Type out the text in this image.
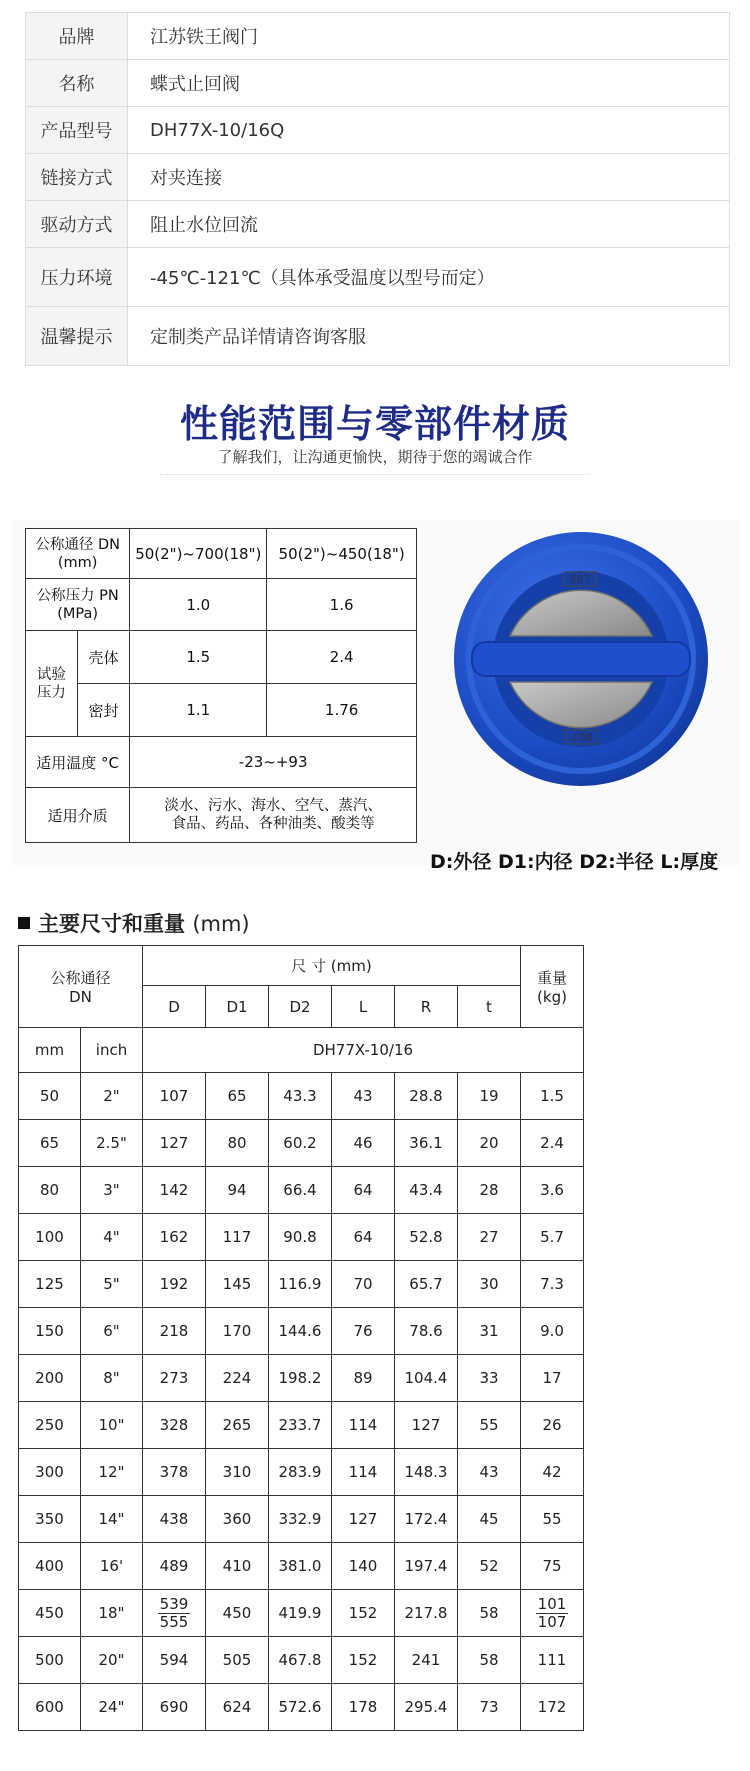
品牌	江苏铁王阀门
名称	蝶式止回阀
产品型号	DH77X-10/16Q
链接方式	对夹连接
驱动方式	阻止水位回流
压力环境	-45℃-121℃（具体承受温度以型号而定）
温馨提示	定制类产品详情请咨询客服
性能范围与零部件材质
了解我们，让沟通更愉快，期待于您的竭诚合作
公称通径 DN
(mm)		50(2")~700(18")	50(2")~450(18")
公称压力 PN
(MPa)		1.0	1.6
试验
压力	壳体	1.5	2.4
	密封	1.1	1.76
适用温度 °C		-23~+93	
适用介质		淡水、污水、海水、空气、蒸汽、
食品、药品、各种油类、酸类等	
807
807
D:外径 D1:内径 D2:半径 L:厚度
主要尺寸和重量 (mm)
公称通径
DN		尺 寸 (mm)						重量
(kg)
		D	D1	D2	L	R	t	
mm	inch	DH77X-10/16						
50	2"	107	65	43.3	43	28.8	19	1.5
65	2.5"	127	80	60.2	46	36.1	20	2.4
80	3"	142	94	66.4	64	43.4	28	3.6
100	4"	162	117	90.8	64	52.8	27	5.7
125	5"	192	145	116.9	70	65.7	30	7.3
150	6"	218	170	144.6	76	78.6	31	9.0
200	8"	273	224	198.2	89	104.4	33	17
250	10"	328	265	233.7	114	127	55	26
300	12"	378	310	283.9	114	148.3	43	42
350	14"	438	360	332.9	127	172.4	45	55
400	16'	489	410	381.0	140	197.4	52	75
450	18"	$\frac{539}{555}$	450	419.9	152	217.8	58	$\frac{101}{107}$

500	20"	594	505	467.8	152	241	58	111
600	24"	690	624	572.6	178	295.4	73	172
